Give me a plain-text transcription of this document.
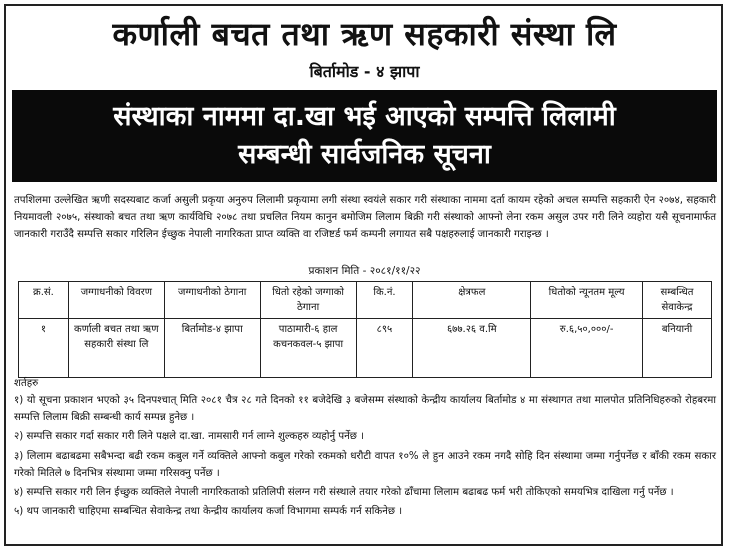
कर्णाली बचत तथा ऋण सहकारी संस्था लि
बिर्तामोड - ४ झापा
संस्थाका नाममा दा.खा भई आएको सम्पत्ति लिलामी
सम्बन्धी सार्वजनिक सूचना
तपशिलमा उल्लेखित ऋणी सदस्यबाट कर्जा असुली प्रकृया अनुरुप लिलामी प्रकृयामा लगी संस्था स्वयंले सकार गरी संस्थाका नाममा दर्ता कायम रहेको अचल सम्पत्ति सहकारी ऐन २०७४, सहकारी नियमावली २०७५, संस्थाको बचत तथा ऋण कार्यविधि २०७८ तथा प्रचलित नियम कानुन बमोजिम लिलाम बिक्री गरी संस्थाको आफ्नो लेना रकम असुल उपर गरी लिने व्यहोरा यसै सूचनामार्फत जानकारी गराउँदै सम्पत्ति सकार गरिलिन ईच्छुक नेपाली नागरिकता प्राप्त व्यक्ति वा रजिष्टर्ड फर्म कम्पनी लगायत सबै पक्षहरुलाई जानकारी गराइन्छ ।
प्रकाशन मिति - २०८१/११/२२
क्र.सं.	जग्गाधनीको विवरण	जग्गाधनीको ठेगाना	धितो रहेको जग्गाको ठेगाना	कि.नं.	क्षेत्रफल	धितोको न्यूनतम मूल्य	सम्बन्धित सेवाकेन्द्र
१	कर्णाली बचत तथा ऋण सहकारी संस्था लि	बिर्तामोड-४ झापा	पाठामारी-६ हाल कचनकवल-५ झापा	८९५	६७७.२६ व.मि	रु.६,५०,०००/-	बनियानी
शर्तहरु
१) यो सूचना प्रकाशन भएको ३५ दिनपश्चात् मिति २०८१ चैत्र २८ गते दिनको ११ बजेदेखि ३ बजेसम्म संस्थाको केन्द्रीय कार्यालय बिर्तामोड ४ मा संस्थागत तथा मालपोत प्रतिनिधिहरुको रोहबरमा सम्पत्ति लिलाम बिक्री सम्बन्धी कार्य सम्पन्न हुनेछ ।
२) सम्पत्ति सकार गर्दा सकार गरी लिने पक्षले दा.खा. नामसारी गर्न लाग्ने शुल्कहरु व्यहोर्नु पर्नेछ ।
३) लिलाम बढाबढमा सबैभन्दा बढी रकम कबुल गर्ने व्यक्तिले आफ्नो कबुल गरेको रकमको धरौटी वापत १०% ले हुन आउने रकम नगदै सोहि दिन संस्थामा जम्मा गर्नुपर्नेछ र बाँकी रकम सकार गरेको मितिले ७ दिनभित्र संस्थामा जम्मा गरिसक्नु पर्नेछ ।
४) सम्पत्ति सकार गरी लिन ईच्छुक व्यक्तिले नेपाली नागरिकताको प्रतिलिपी संलग्न गरी संस्थाले तयार गरेको ढाँचामा लिलाम बढाबढ फर्म भरी तोकिएको समयभित्र दाखिला गर्नु पर्नेछ ।
५) थप जानकारी चाहिएमा सम्बन्धित सेवाकेन्द्र तथा केन्द्रीय कार्यालय कर्जा विभागमा सम्पर्क गर्न सकिनेछ ।
